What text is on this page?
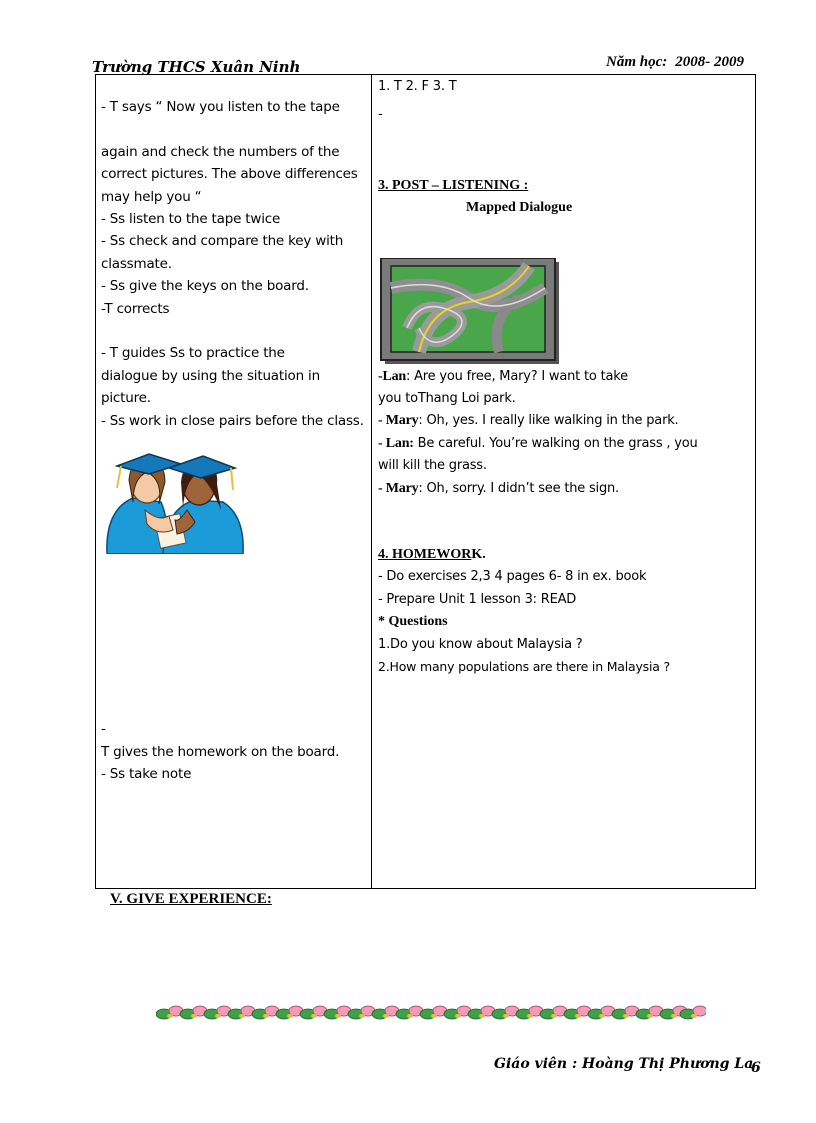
Trường THCS Xuân Ninh	Năm học: 2008- 2009
- T says “ Now you listen to the tape

again and check the numbers of the
correct pictures. The above differences
may help you “
- Ss listen to the tape twice
- Ss check and compare the key with
classmate.
- Ss give the keys on the board.
-T corrects

- T guides Ss to practice the
dialogue by using the situation in
picture.
- Ss work in close pairs before the class.
-
T gives the homework on the board.
- Ss take note
1. T 2. F 3. T
-
3. POST – LISTENING :
Mapped Dialogue
-Lan: Are you free, Mary? I want to take
you toThang Loi park.
- Mary: Oh, yes. I really like walking in the park.
- Lan: Be careful. You’re walking on the grass , you
will kill the grass.
- Mary: Oh, sorry. I didn’t see the sign.
4. HOMEWORK.
- Do exercises 2,3 4 pages 6- 8 in ex. book
- Prepare Unit 1 lesson 3: READ
* Questions
1.Do you know about Malaysia ?
2.How many populations are there in Malaysia ?
V. GIVE EXPERIENCE:
Giáo viên : Hoàng Thị Phương La
6
